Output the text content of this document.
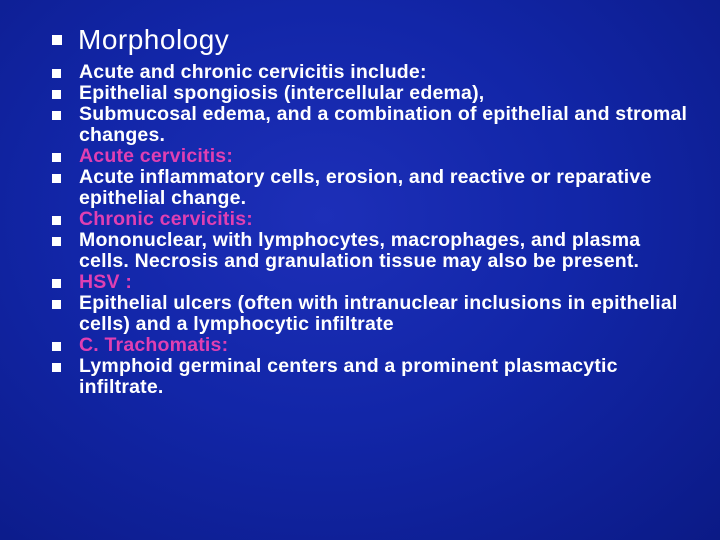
Morphology
Acute and chronic cervicitis include:
Epithelial spongiosis (intercellular edema),
Submucosal edema, and a combination of epithelial and stromal changes.
Acute cervicitis:
Acute inflammatory cells, erosion, and reactive or reparative epithelial change.
Chronic cervicitis:
Mononuclear, with lymphocytes, macrophages, and plasma cells. Necrosis and granulation tissue may also be present.
HSV :
Epithelial ulcers (often with intranuclear inclusions in epithelial cells) and a lymphocytic infiltrate
C. Trachomatis:
Lymphoid germinal centers and a prominent plasmacytic infiltrate.
